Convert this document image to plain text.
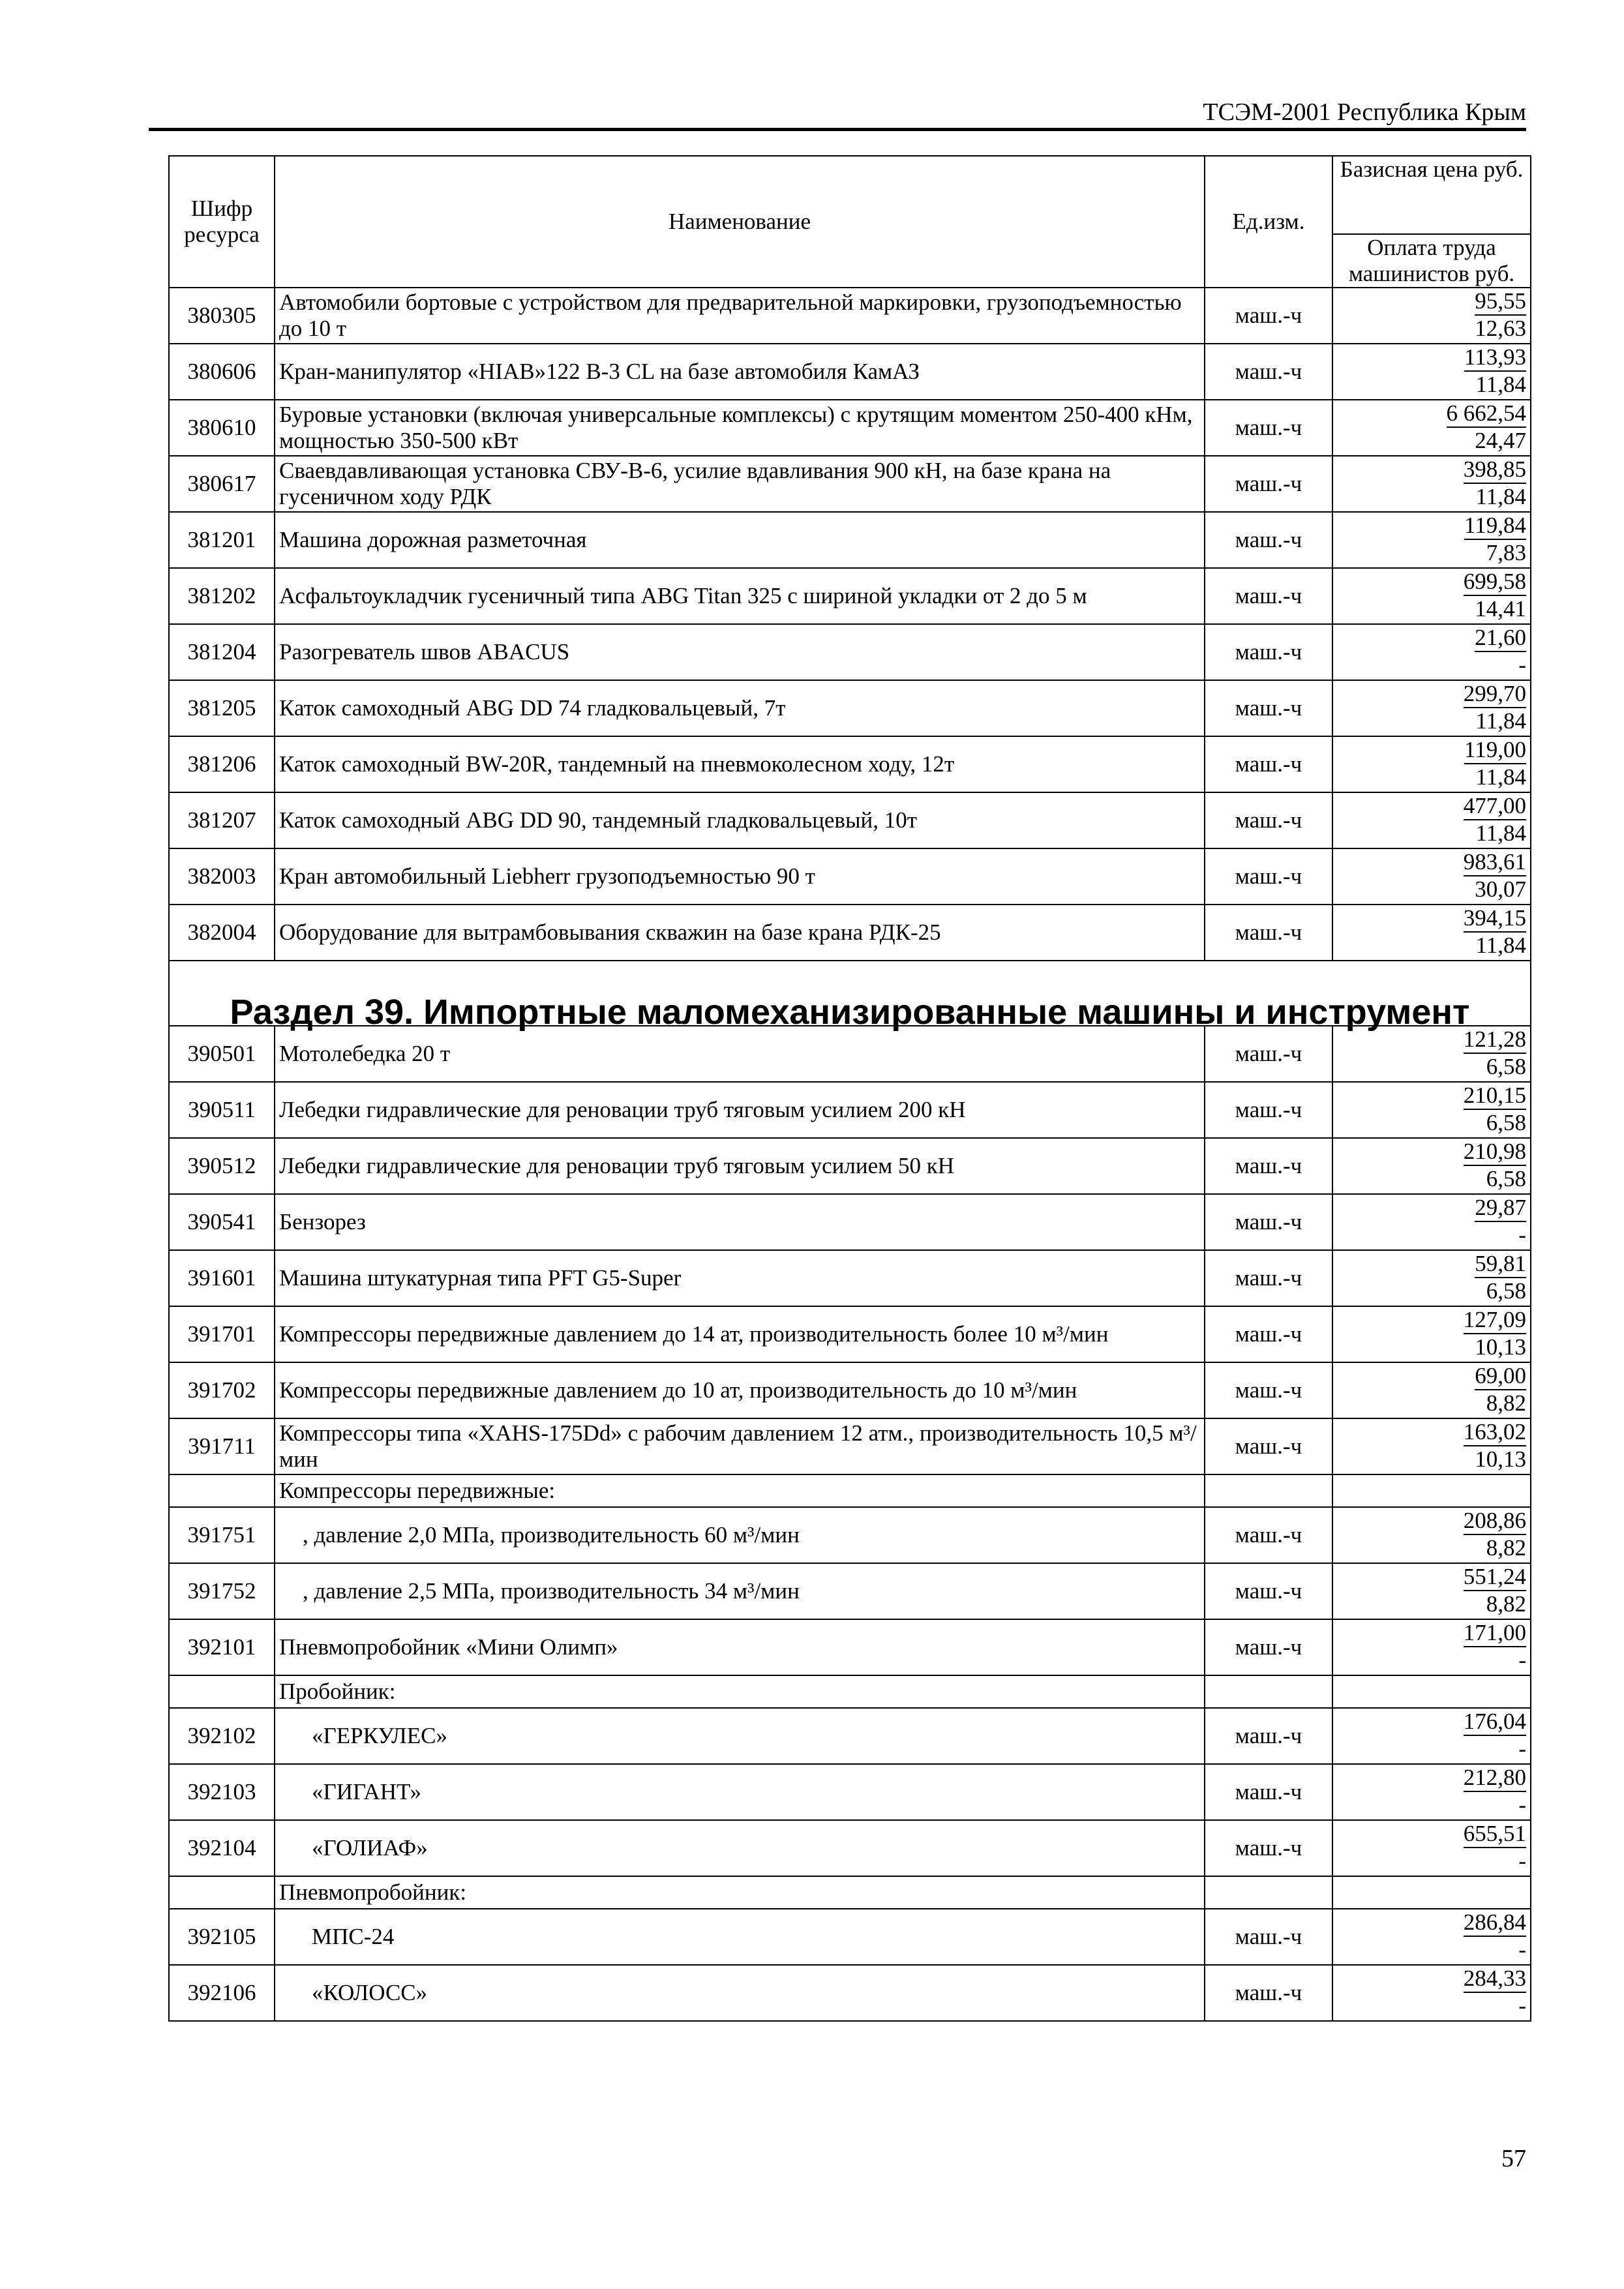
ТСЭМ-2001 Республика Крым
Шифр ресурса	Наименование	Ед.изм.	Базисная цена руб.
Оплата труда машинистов руб.

380305	Автомобили бортовые с устройством для предварительной маркировки, грузоподъемностью до 10 т	маш.-ч	95,55
12,63

380606	Кран-манипулятор «HIAB»122 В-3 CL на базе автомобиля КамАЗ	маш.-ч	113,93
11,84

380610	Буровые установки (включая универсальные комплексы) с крутящим моментом 250-400 кНм, мощностью 350-500 кВт	маш.-ч	6 662,54
24,47

380617	Сваевдавливающая установка СВУ-В-6, усилие вдавливания 900 кН, на базе крана на гусеничном ходу РДК	маш.-ч	398,85
11,84

381201	Машина дорожная разметочная	маш.-ч	119,84
7,83

381202	Асфальтоукладчик гусеничный типа ABG Titan 325 с шириной укладки от 2 до 5 м	маш.-ч	699,58
14,41

381204	Разогреватель швов ABACUS	маш.-ч	21,60
-

381205	Каток самоходный ABG DD 74 гладковальцевый, 7т	маш.-ч	299,70
11,84

381206	Каток самоходный BW-20R, тандемный на пневмоколесном ходу, 12т	маш.-ч	119,00
11,84

381207	Каток самоходный ABG DD 90, тандемный гладковальцевый, 10т	маш.-ч	477,00
11,84

382003	Кран автомобильный Liebherr грузоподъемностью 90 т	маш.-ч	983,61
30,07

382004	Оборудование для вытрамбовывания скважин на базе крана РДК-25	маш.-ч	394,15
11,84

Раздел 39. Импортные маломеханизированные машины и инструмент			
390501	Мотолебедка 20 т	маш.-ч	121,28
6,58

390511	Лебедки гидравлические для реновации труб тяговым усилием 200 кН	маш.-ч	210,15
6,58

390512	Лебедки гидравлические для реновации труб тяговым усилием 50 кН	маш.-ч	210,98
6,58

390541	Бензорез	маш.-ч	29,87
-

391601	Машина штукатурная типа PFT G5-Super	маш.-ч	59,81
6,58

391701	Компрессоры передвижные давлением до 14 ат, производительность более 10 м³/мин	маш.-ч	127,09
10,13

391702	Компрессоры передвижные давлением до 10 ат, производительность до 10 м³/мин	маш.-ч	69,00
8,82

391711	Компрессоры типа «XAHS-175Dd» с рабочим давлением 12 атм., производительность 10,5 м³/мин	маш.-ч	163,02
10,13

	Компрессоры передвижные:		
391751	, давление 2,0 МПа, производительность 60 м³/мин	маш.-ч	208,86
8,82

391752	, давление 2,5 МПа, производительность 34 м³/мин	маш.-ч	551,24
8,82

392101	Пневмопробойник «Мини Олимп»	маш.-ч	171,00
-

	Пробойник:		
392102	«ГЕРКУЛЕС»	маш.-ч	176,04
-

392103	«ГИГАНТ»	маш.-ч	212,80
-

392104	«ГОЛИАФ»	маш.-ч	655,51
-

	Пневмопробойник:		
392105	МПС-24	маш.-ч	286,84
-

392106	«КОЛОСС»	маш.-ч	284,33
-
57
